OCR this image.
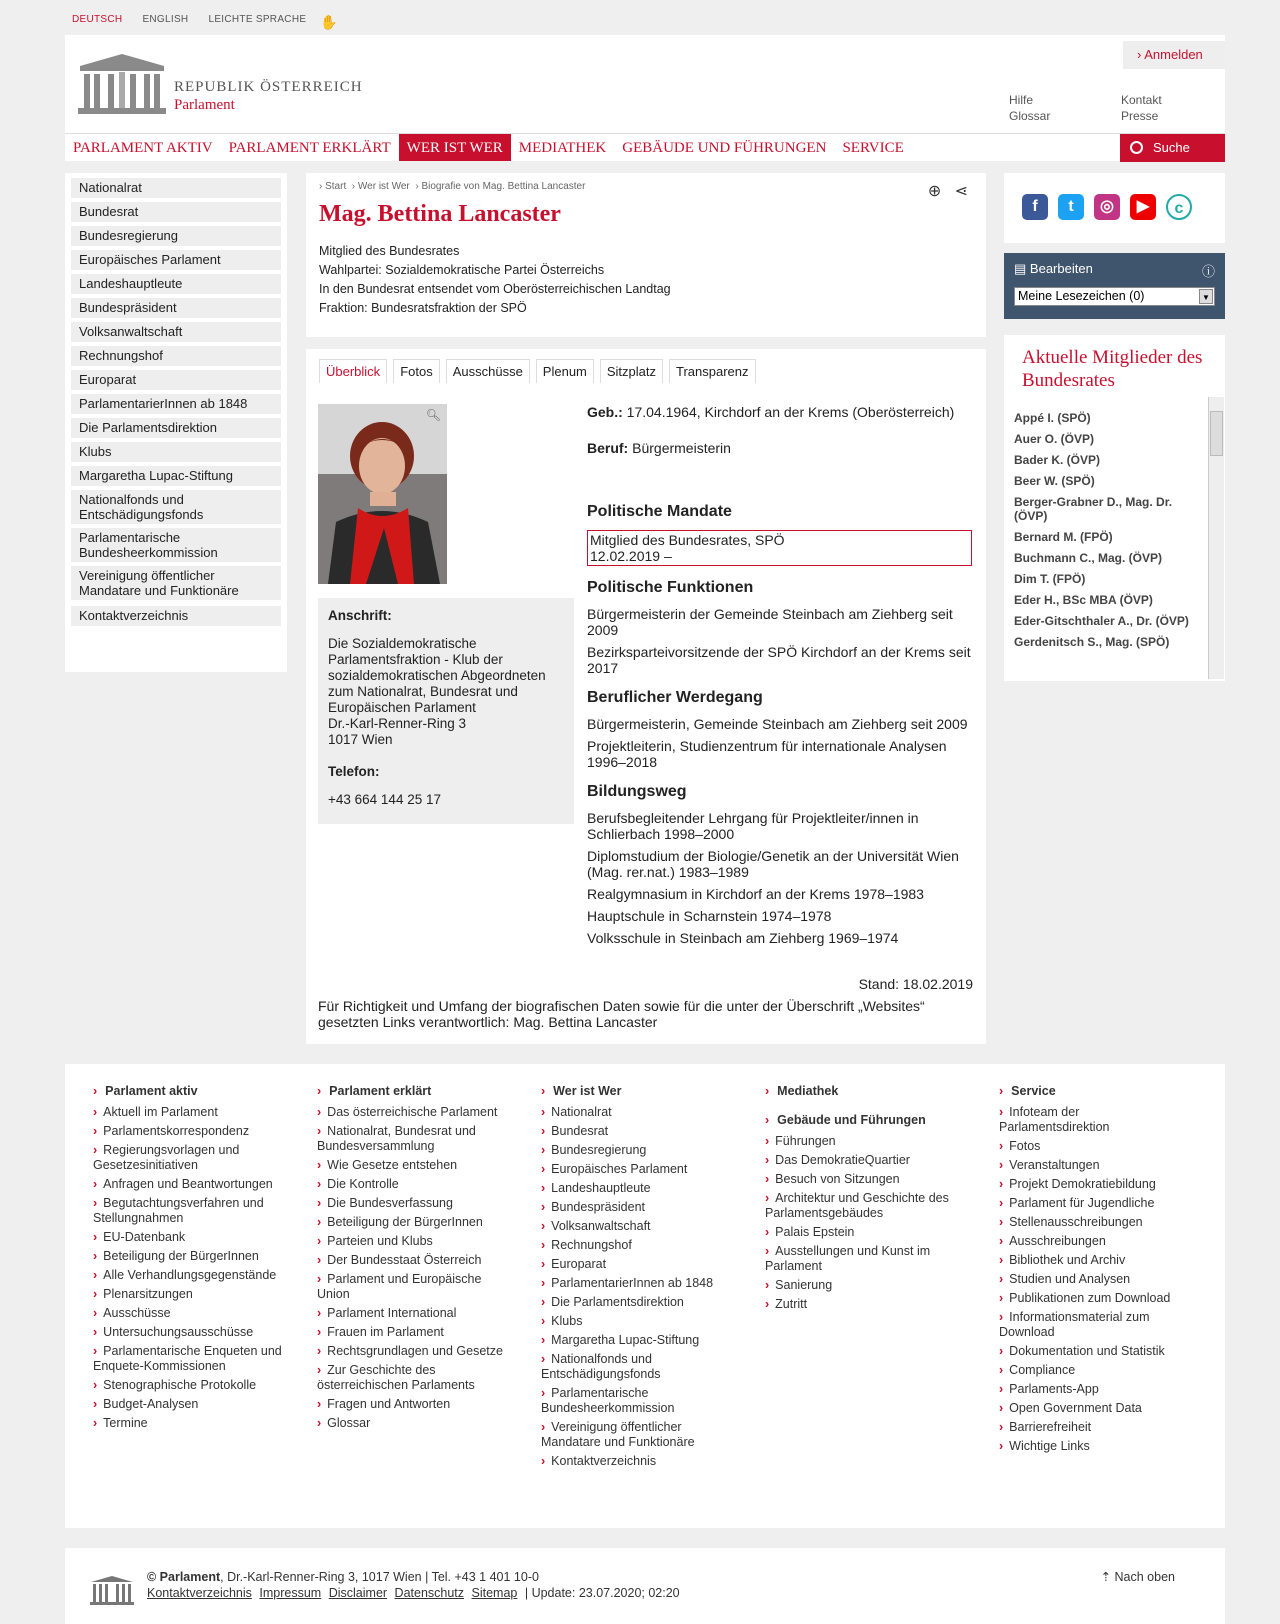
DEUTSCH ENGLISH LEICHTE SPRACHE ✋
REPUBLIK ÖSTERREICH
Parlament
› Anmelden
Hilfe
Glossar
Kontakt
Presse
PARLAMENT AKTIV	PARLAMENT ERKLÄRT	WER IST WER	MEDIATHEK	GEBÄUDE UND FÜHRUNGEN	SERVICE	Suche
Nationalrat
Bundesrat
Bundesregierung
Europäisches Parlament
Landeshauptleute
Bundespräsident
Volksanwaltschaft
Rechnungshof
Europarat
ParlamentarierInnen ab 1848
Die Parlamentsdirektion
Klubs
Margaretha Lupac-Stiftung
Nationalfonds und Entschädigungsfonds
Parlamentarische Bundesheerkommission
Vereinigung öffentlicher Mandatare und Funktionäre
Kontaktverzeichnis
› Start  › Wer ist Wer  › Biografie von Mag. Bettina Lancaster	⊕ ⋖
Mag. Bettina Lancaster
Mitglied des Bundesrates
Wahlpartei: Sozialdemokratische Partei Österreichs
In den Bundesrat entsendet vom Oberösterreichischen Landtag
Fraktion: Bundesratsfraktion der SPÖ
Überblick	Fotos	Ausschüsse	Plenum	Sitzplatz	Transparenz
🔍︎
Anschrift:
Die Sozialdemokratische Parlamentsfraktion - Klub der sozialdemokratischen Abgeordneten zum Nationalrat, Bundesrat und Europäischen Parlament
Dr.-Karl-Renner-Ring 3
1017 Wien
Telefon:
+43 664 144 25 17

Geb.: 17.04.1964, Kirchdorf an der Krems (Oberösterreich)

Beruf: Bürgermeisterin

Politische Mandate
Mitglied des Bundesrates, SPÖ
12.02.2019 –
Politische Funktionen

Bürgermeisterin der Gemeinde Steinbach am Ziehberg seit 2009

Bezirksparteivorsitzende der SPÖ Kirchdorf an der Krems seit 2017

Beruflicher Werdegang

Bürgermeisterin, Gemeinde Steinbach am Ziehberg seit 2009

Projektleiterin, Studienzentrum für internationale Analysen 1996–2018

Bildungsweg

Berufsbegleitender Lehrgang für Projektleiter/innen in Schlierbach 1998–2000

Diplomstudium der Biologie/Genetik an der Universität Wien (Mag. rer.nat.) 1983–1989

Realgymnasium in Kirchdorf an der Krems 1978–1983

Hauptschule in Scharnstein 1974–1978

Volksschule in Steinbach am Ziehberg 1969–1974

Stand: 18.02.2019
Für Richtigkeit und Umfang der biografischen Daten sowie für die unter der Überschrift „Websites“ gesetzten Links verantwortlich: Mag. Bettina Lancaster
f	t	◎	▶	c
▤ Bearbeiten	ⓘ
Meine Lesezeichen (0)	▼
Aktuelle Mitglieder des Bundesrates
Appé I. (SPÖ)
Auer O. (ÖVP)
Bader K. (ÖVP)
Beer W. (SPÖ)
Berger-Grabner D., Mag. Dr. (ÖVP)
Bernard M. (FPÖ)
Buchmann C., Mag. (ÖVP)
Dim T. (FPÖ)
Eder H., BSc MBA (ÖVP)
Eder-Gitschthaler A., Dr. (ÖVP)
Gerdenitsch S., Mag. (SPÖ)
› Parlament aktiv
› Aktuell im Parlament
› Parlamentskorrespondenz
› Regierungsvorlagen und Gesetzesinitiativen
› Anfragen und Beantwortungen
› Begutachtungsverfahren und Stellungnahmen
› EU-Datenbank
› Beteiligung der BürgerInnen
› Alle Verhandlungsgegenstände
› Plenarsitzungen
› Ausschüsse
› Untersuchungsausschüsse
› Parlamentarische Enqueten und Enquete-Kommissionen
› Stenographische Protokolle
› Budget-Analysen
› Termine
› Parlament erklärt
› Das österreichische Parlament
› Nationalrat, Bundesrat und Bundesversammlung
› Wie Gesetze entstehen
› Die Kontrolle
› Die Bundesverfassung
› Beteiligung der BürgerInnen
› Parteien und Klubs
› Der Bundesstaat Österreich
› Parlament und Europäische Union
› Parlament International
› Frauen im Parlament
› Rechtsgrundlagen und Gesetze
› Zur Geschichte des österreichischen Parlaments
› Fragen und Antworten
› Glossar
› Wer ist Wer
› Nationalrat
› Bundesrat
› Bundesregierung
› Europäisches Parlament
› Landeshauptleute
› Bundespräsident
› Volksanwaltschaft
› Rechnungshof
› Europarat
› ParlamentarierInnen ab 1848
› Die Parlamentsdirektion
› Klubs
› Margaretha Lupac-Stiftung
› Nationalfonds und Entschädigungsfonds
› Parlamentarische Bundesheerkommission
› Vereinigung öffentlicher Mandatare und Funktionäre
› Kontaktverzeichnis
› Mediathek
› Gebäude und Führungen
› Führungen
› Das DemokratieQuartier
› Besuch von Sitzungen
› Architektur und Geschichte des Parlamentsgebäudes
› Palais Epstein
› Ausstellungen und Kunst im Parlament
› Sanierung
› Zutritt
› Service
› Infoteam der Parlamentsdirektion
› Fotos
› Veranstaltungen
› Projekt Demokratiebildung
› Parlament für Jugendliche
› Stellenausschreibungen
› Ausschreibungen
› Bibliothek und Archiv
› Studien und Analysen
› Publikationen zum Download
› Informationsmaterial zum Download
› Dokumentation und Statistik
› Compliance
› Parlaments-App
› Open Government Data
› Barrierefreiheit
› Wichtige Links
© Parlament, Dr.-Karl-Renner-Ring 3, 1017 Wien | Tel. +43 1 401 10-0
Kontaktverzeichnis Impressum Disclaimer Datenschutz Sitemap | Update: 23.07.2020; 02:20
⇡ Nach oben
